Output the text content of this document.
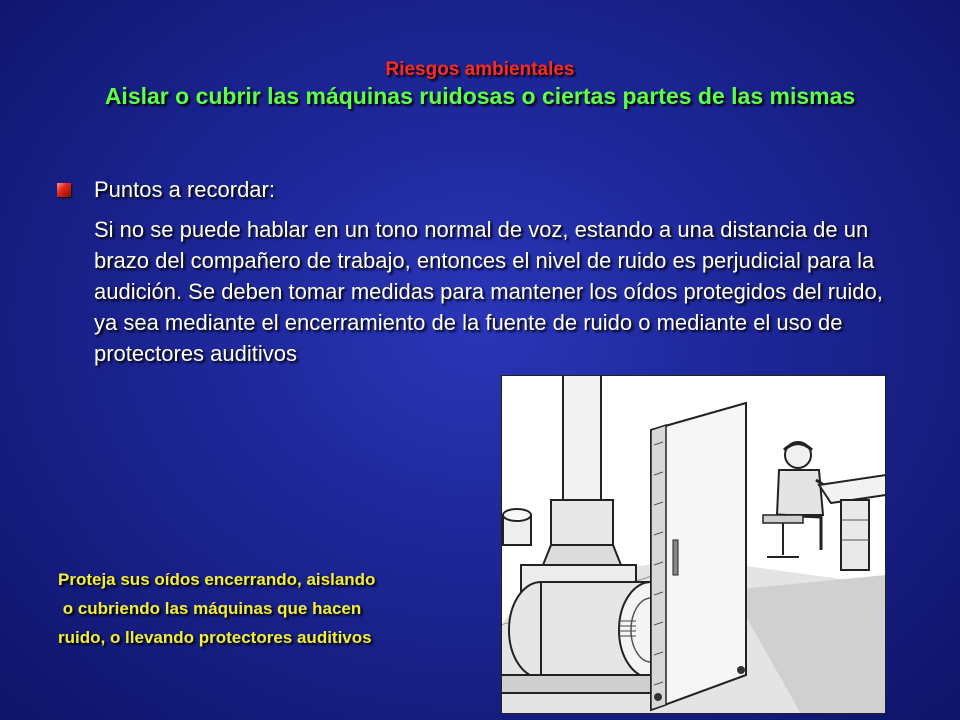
Riesgos ambientales
Aislar o cubrir las máquinas ruidosas o ciertas partes de las mismas
Puntos a recordar:
Si no se puede hablar en un tono normal de voz, estando a una distancia de un brazo del compañero de trabajo, entonces el nivel de ruido es perjudicial para la audición. Se deben tomar medidas para mantener los oídos protegidos del ruido, ya sea mediante el encerramiento de la fuente de ruido o mediante el uso de protectores auditivos
Proteja sus oídos encerrando, aislando
o cubriendo las máquinas que hacen
ruido, o llevando protectores auditivos
